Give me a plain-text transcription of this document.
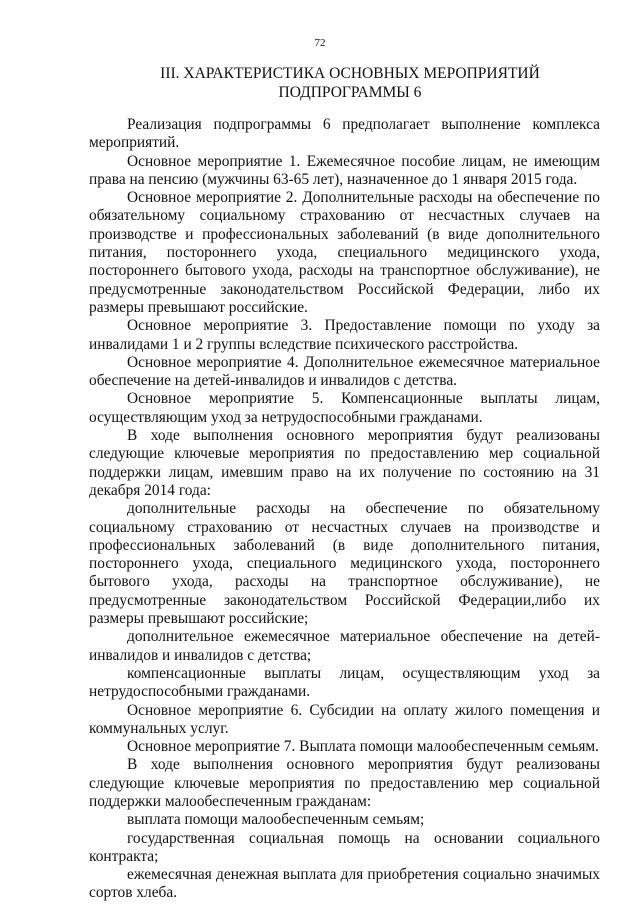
72
III. ХАРАКТЕРИСТИКА ОСНОВНЫХ МЕРОПРИЯТИЙ
ПОДПРОГРАММЫ 6

Реализация подпрограммы 6 предполагает выполнение комплекса мероприятий.

Основное мероприятие 1. Ежемесячное пособие лицам, не имеющим права на пенсию (мужчины 63-65 лет), назначенное до 1 января 2015 года.

Основное мероприятие 2. Дополнительные расходы на обеспечение по обязательному социальному страхованию от несчастных случаев на производстве и профессиональных заболеваний (в виде дополнительного питания, постороннего ухода, специального медицинского ухода, постороннего бытового ухода, расходы на транспортное обслуживание), не предусмотренные законодательством Российской Федерации, либо их размеры превышают российские.

Основное мероприятие 3. Предоставление помощи по уходу за инвалидами 1 и 2 группы вследствие психического расстройства.

Основное мероприятие 4. Дополнительное ежемесячное материальное обеспечение на детей-инвалидов и инвалидов с детства.

Основное мероприятие 5. Компенсационные выплаты лицам, осуществляющим уход за нетрудоспособными гражданами.

В ходе выполнения основного мероприятия будут реализованы следующие ключевые мероприятия по предоставлению мер социальной поддержки лицам, имевшим право на их получение по состоянию на 31 декабря 2014 года:

дополнительные расходы на обеспечение по обязательному социальному страхованию от несчастных случаев на производстве и профессиональных заболеваний (в виде дополнительного питания, постороннего ухода, специального медицинского ухода, постороннего бытового ухода, расходы на транспортное обслуживание), не предусмотренные законодательством Российской Федерации,либо их размеры превышают российские;

дополнительное ежемесячное материальное обеспечение на детей-инвалидов и инвалидов с детства;

компенсационные выплаты лицам, осуществляющим уход за нетрудоспособными гражданами.

Основное мероприятие 6. Субсидии на оплату жилого помещения и коммунальных услуг.

Основное мероприятие 7. Выплата помощи малообеспеченным семьям.

В ходе выполнения основного мероприятия будут реализованы следующие ключевые мероприятия по предоставлению мер социальной поддержки малообеспеченным гражданам:

выплата помощи малообеспеченным семьям;

государственная социальная помощь на основании социального контракта;

ежемесячная денежная выплата для приобретения социально значимых сортов хлеба.
